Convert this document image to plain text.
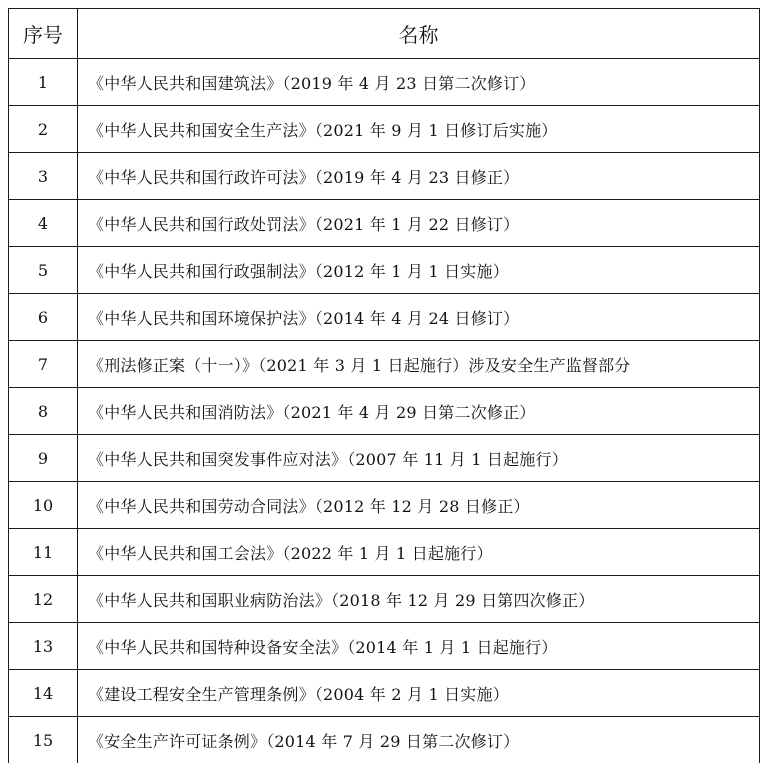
序号	名称
1	《中华人民共和国建筑法》（2019 年 4 月 23 日第二次修订）
2	《中华人民共和国安全生产法》（2021 年 9 月 1 日修订后实施）
3	《中华人民共和国行政许可法》（2019 年 4 月 23 日修正）
4	《中华人民共和国行政处罚法》（2021 年 1 月 22 日修订）
5	《中华人民共和国行政强制法》（2012 年 1 月 1 日实施）
6	《中华人民共和国环境保护法》（2014 年 4 月 24 日修订）
7	《刑法修正案（十一）》（2021 年 3 月 1 日起施行）涉及安全生产监督部分
8	《中华人民共和国消防法》（2021 年 4 月 29 日第二次修正）
9	《中华人民共和国突发事件应对法》（2007 年 11 月 1 日起施行）
10	《中华人民共和国劳动合同法》（2012 年 12 月 28 日修正）
11	《中华人民共和国工会法》（2022 年 1 月 1 日起施行）
12	《中华人民共和国职业病防治法》（2018 年 12 月 29 日第四次修正）
13	《中华人民共和国特种设备安全法》（2014 年 1 月 1 日起施行）
14	《建设工程安全生产管理条例》（2004 年 2 月 1 日实施）
15	《安全生产许可证条例》（2014 年 7 月 29 日第二次修订）
